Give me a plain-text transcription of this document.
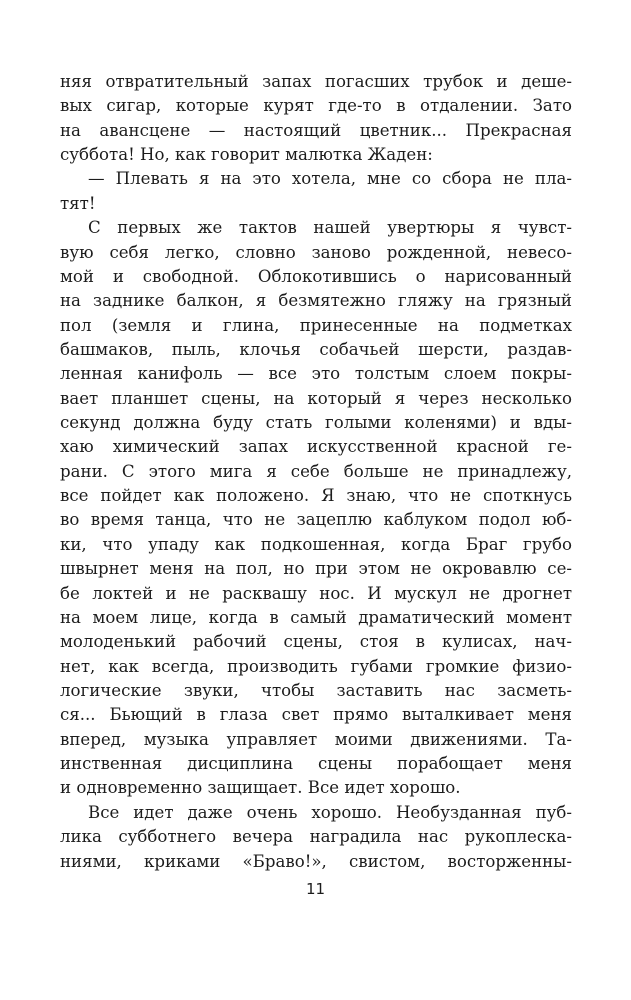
няя отвратительный запах погасших трубок и деше-
вых сигар, которые курят где-то в отдалении. Зато
на авансцене — настоящий цветник... Прекрасная
суббота! Но, как говорит малютка Жаден:
— Плевать я на это хотела, мне со сбора не пла-
тят!
С первых же тактов нашей увертюры я чувст-
вую себя легко, словно заново рожденной, невесо-
мой и свободной. Облокотившись о нарисованный
на заднике балкон, я безмятежно гляжу на грязный
пол (земля и глина, принесенные на подметках
башмаков, пыль, клочья собачьей шерсти, раздав-
ленная канифоль — все это толстым слоем покры-
вает планшет сцены, на который я через несколько
секунд должна буду стать голыми коленями) и вды-
хаю химический запах искусственной красной ге-
рани. С этого мига я себе больше не принадлежу,
все пойдет как положено. Я знаю, что не споткнусь
во время танца, что не зацеплю каблуком подол юб-
ки, что упаду как подкошенная, когда Браг грубо
швырнет меня на пол, но при этом не окровавлю се-
бе локтей и не расквашу нос. И мускул не дрогнет
на моем лице, когда в самый драматический момент
молоденький рабочий сцены, стоя в кулисах, нач-
нет, как всегда, производить губами громкие физио-
логические звуки, чтобы заставить нас засметь-
ся... Бьющий в глаза свет прямо выталкивает меня
вперед, музыка управляет моими движениями. Та-
инственная дисциплина сцены порабощает меня
и одновременно защищает. Все идет хорошо.
Все идет даже очень хорошо. Необузданная пуб-
лика субботнего вечера наградила нас рукоплеска-
ниями, криками «Браво!», свистом, восторженны-
11
